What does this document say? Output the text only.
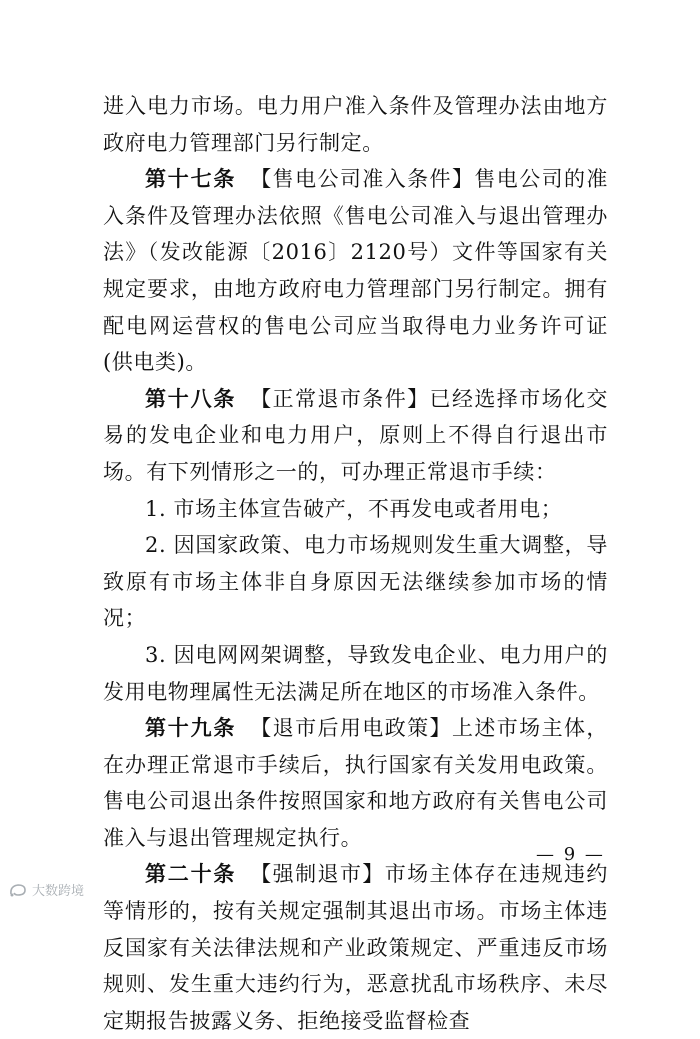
进入电力市场。电力用户准入条件及管理办法由地方政府电力管理部门另行制定。

第十七条 【售电公司准入条件】售电公司的准入条件及管理办法依照《售电公司准入与退出管理办法》（发改能源〔2016〕2120号）文件等国家有关规定要求，由地方政府电力管理部门另行制定。拥有配电网运营权的售电公司应当取得电力业务许可证(供电类)。

第十八条 【正常退市条件】已经选择市场化交易的发电企业和电力用户，原则上不得自行退出市场。有下列情形之一的，可办理正常退市手续：

1. 市场主体宣告破产，不再发电或者用电；

2. 因国家政策、电力市场规则发生重大调整，导致原有市场主体非自身原因无法继续参加市场的情况；

3. 因电网网架调整，导致发电企业、电力用户的发用电物理属性无法满足所在地区的市场准入条件。

第十九条 【退市后用电政策】上述市场主体，在办理正常退市手续后，执行国家有关发用电政策。售电公司退出条件按照国家和地方政府有关售电公司准入与退出管理规定执行。

第二十条 【强制退市】市场主体存在违规违约等情形的，按有关规定强制其退出市场。市场主体违反国家有关法律法规和产业政策规定、严重违反市场规则、发生重大违约行为，恶意扰乱市场秩序、未尽定期报告披露义务、拒绝接受监督检查

— 9 —
大数跨境
